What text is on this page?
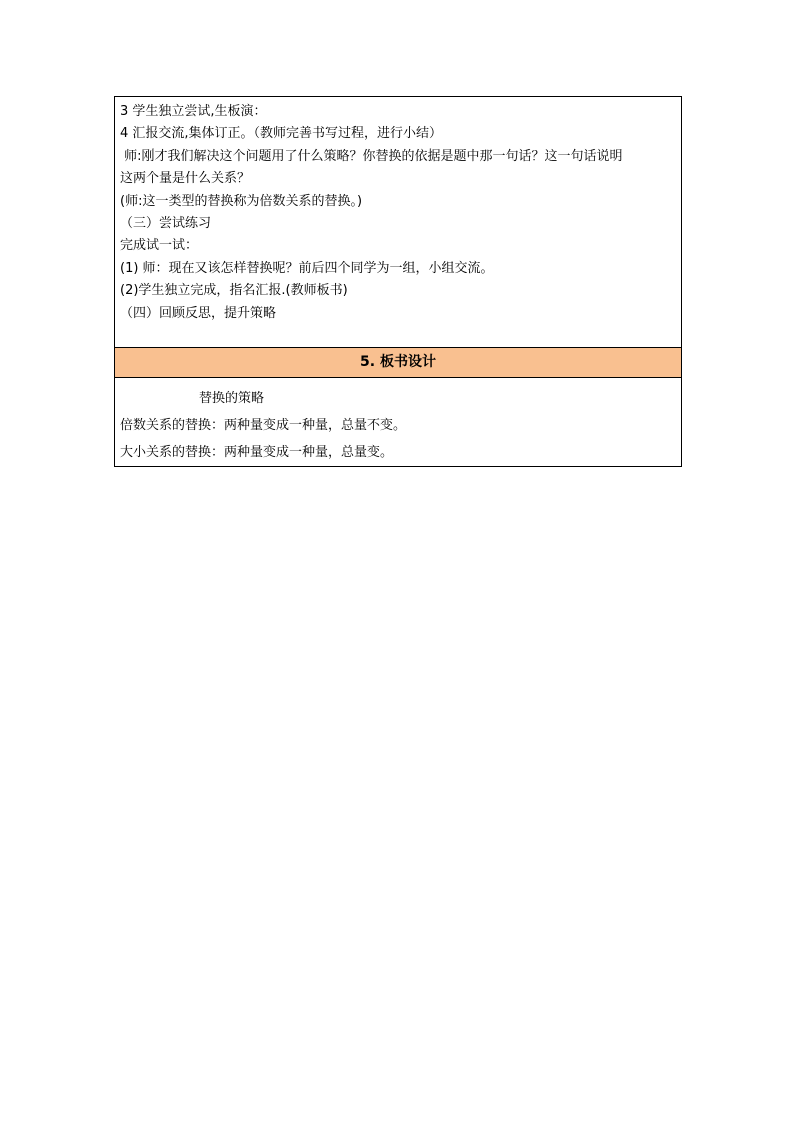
3 学生独立尝试,生板演：
4 汇报交流,集体订正。（教师完善书写过程，进行小结）
师:刚才我们解决这个问题用了什么策略？你替换的依据是题中那一句话？这一句话说明
这两个量是什么关系？
(师:这一类型的替换称为倍数关系的替换。)
（三）尝试练习
完成试一试：
(1) 师：现在又该怎样替换呢？前后四个同学为一组，小组交流。
(2)学生独立完成，指名汇报.(教师板书)
（四）回顾反思，提升策略
5. 板书设计
替换的策略
倍数关系的替换：两种量变成一种量，总量不变。
大小关系的替换：两种量变成一种量，总量变。
